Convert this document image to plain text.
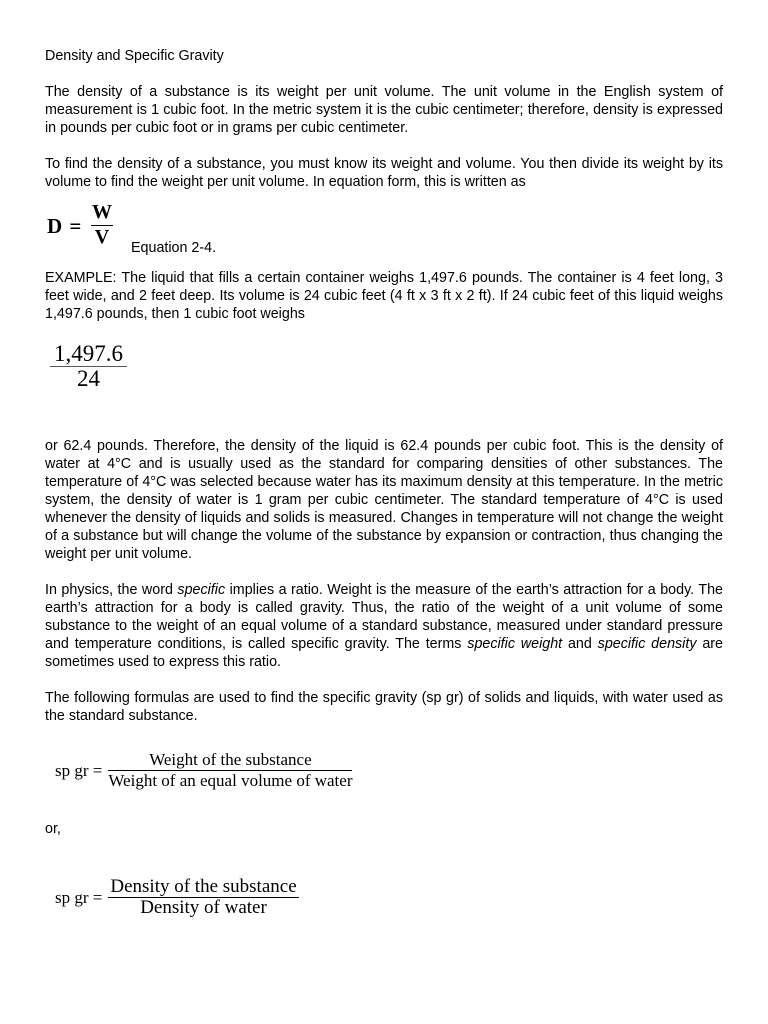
Density and Specific Gravity

The density of a substance is its weight per unit volume. The unit volume in the English system of measurement is 1 cubic foot. In the metric system it is the cubic centimeter; therefore, density is expressed in pounds per cubic foot or in grams per cubic centimeter.

To find the density of a substance, you must know its weight and volume. You then divide its weight by its volume to find the weight per unit volume. In equation form, this is written as

$D = \frac{W}{V}$
Equation 2-4.

EXAMPLE: The liquid that fills a certain container weighs 1,497.6 pounds. The container is 4 feet long, 3 feet wide, and 2 feet deep. Its volume is 24 cubic feet (4 ft x 3 ft x 2 ft). If 24 cubic feet of this liquid weighs 1,497.6 pounds, then 1 cubic foot weighs

$\frac{1,497.6}{24}$

or 62.4 pounds. Therefore, the density of the liquid is 62.4 pounds per cubic foot. This is the density of water at 4°C and is usually used as the standard for comparing densities of other substances. The temperature of 4°C was selected because water has its maximum density at this temperature. In the metric system, the density of water is 1 gram per cubic centimeter. The standard temperature of 4°C is used whenever the density of liquids and solids is measured. Changes in temperature will not change the weight of a substance but will change the volume of the substance by expansion or contraction, thus changing the weight per unit volume.

In physics, the word specific implies a ratio. Weight is the measure of the earth’s attraction for a body. The earth’s attraction for a body is called gravity. Thus, the ratio of the weight of a unit volume of some substance to the weight of an equal volume of a standard substance, measured under standard pressure and temperature conditions, is called specific gravity. The terms specific weight and specific density are sometimes used to express this ratio.

The following formulas are used to find the specific gravity (sp gr) of solids and liquids, with water used as the standard substance.

sp gr = $\frac{\text{Weight of the substance}}{\text{Weight of an equal volume of water}}$

or,

sp gr = $\frac{\text{Density of the substance}}{\text{Density of water}}$
